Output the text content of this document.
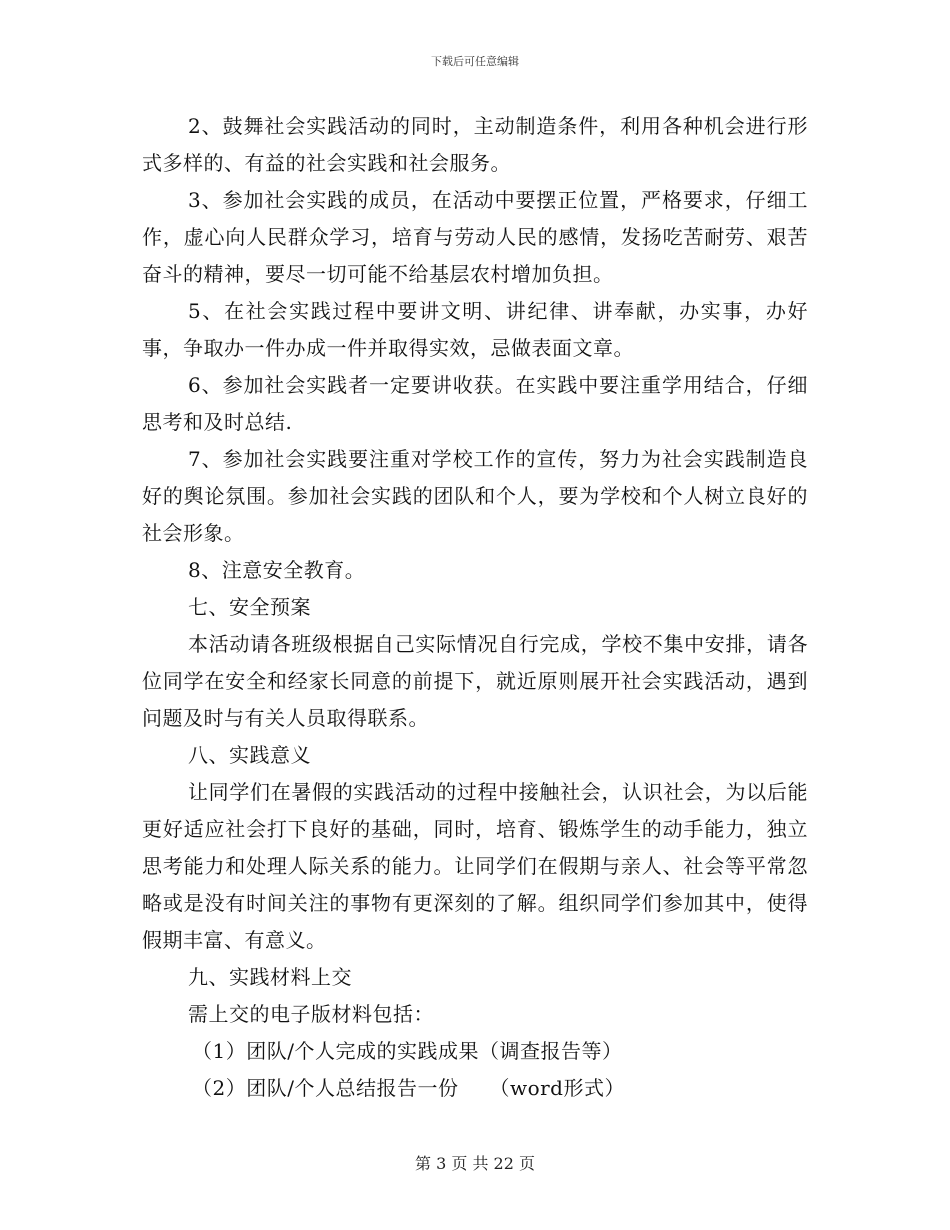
下载后可任意编辑

2、鼓舞社会实践活动的同时，主动制造条件，利用各种机会进行形式多样的、有益的社会实践和社会服务。

3、参加社会实践的成员，在活动中要摆正位置，严格要求，仔细工作，虚心向人民群众学习，培育与劳动人民的感情，发扬吃苦耐劳、艰苦奋斗的精神，要尽一切可能不给基层农村增加负担。

5、在社会实践过程中要讲文明、讲纪律、讲奉献，办实事，办好事，争取办一件办成一件并取得实效，忌做表面文章。

6、参加社会实践者一定要讲收获。在实践中要注重学用结合，仔细思考和及时总结.

7、参加社会实践要注重对学校工作的宣传，努力为社会实践制造良好的舆论氛围。参加社会实践的团队和个人，要为学校和个人树立良好的社会形象。

8、注意安全教育。

七、安全预案

本活动请各班级根据自己实际情况自行完成，学校不集中安排，请各位同学在安全和经家长同意的前提下，就近原则展开社会实践活动，遇到问题及时与有关人员取得联系。

八、实践意义

让同学们在暑假的实践活动的过程中接触社会，认识社会，为以后能更好适应社会打下良好的基础，同时，培育、锻炼学生的动手能力，独立思考能力和处理人际关系的能力。让同学们在假期与亲人、社会等平常忽略或是没有时间关注的事物有更深刻的了解。组织同学们参加其中，使得假期丰富、有意义。

九、实践材料上交

需上交的电子版材料包括：

（1）团队/个人完成的实践成果（调查报告等）

（2）团队/个人总结报告一份　　（word形式）

第 3 页 共 22 页
